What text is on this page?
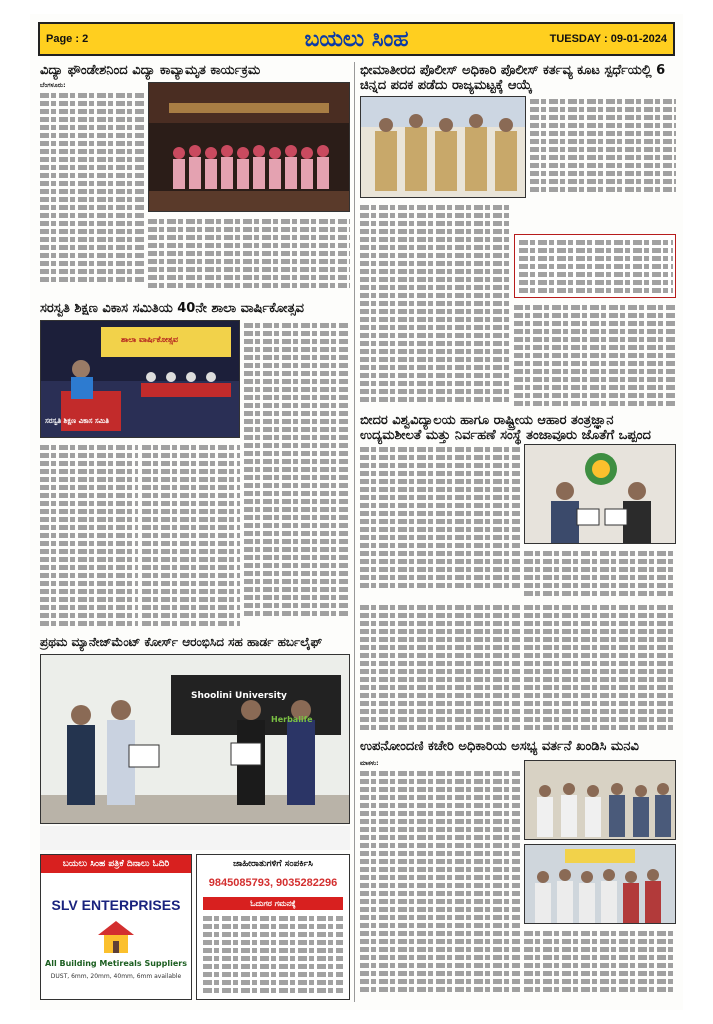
Page : 2	ಬಯಲು ಸಿಂಹ	TUESDAY : 09-01-2024
ವಿದ್ಯಾ ಫೌಂಡೇಶನಿಂದ ವಿದ್ಯಾ ಕಾವ್ಯಾಮೃತ ಕಾರ್ಯಕ್ರಮ
ಬೆಂಗಳೂರು:
ಸರಸ್ವತಿ ಶಿಕ್ಷಣ ವಿಕಾಸ ಸಮಿತಿಯ 40ನೇ ಶಾಲಾ ವಾರ್ಷಿಕೋತ್ಸವ
ಶಾಲಾ ವಾರ್ಷಿಕೋತ್ಸವ
ಸರಸ್ವತಿ ಶಿಕ್ಷಣ ವಿಕಾಸ ಸಮಿತಿ
ಪ್ರಥಮ ಮ್ಯಾನೇಜ್‌ಮೆಂಟ್ ಕೋರ್ಸ್ ಆರಂಭಿಸಿದ ಸಹ ಹಾರ್ಡ ಹರ್ಬಲೈಫ್
Shoolini University
Herbalife
ಬಯಲು ಸಿಂಹ ಪತ್ರಿಕೆ ದಿನಾಲು ಓದಿರಿ
SLV ENTERPRISES
All Building Metireals Suppliers
DUST, 6mm, 20mm, 40mm, 6mm available
ಜಾಹೀರಾತುಗಳಿಗೆ ಸಂಪರ್ಕಿಸಿ
9845085793, 9035282296
ಓದುಗರ ಗಮನಕ್ಕೆ
ಭೀಮಾತೀರದ ಪೊಲೀಸ್ ಅಧಿಕಾರಿ ಪೊಲೀಸ್ ಕರ್ತವ್ಯ ಕೂಟ ಸ್ಪರ್ಧೆಯಲ್ಲಿ 6 ಚಿನ್ನದ ಪದಕ ಪಡೆದು ರಾಜ್ಯಮಟ್ಟಕ್ಕೆ ಆಯ್ಕೆ
ಬೀದರ ವಿಶ್ವವಿದ್ಯಾಲಯ ಹಾಗೂ ರಾಷ್ಟ್ರೀಯ ಆಹಾರ ತಂತ್ರಜ್ಞಾನ ಉದ್ಯಮಶೀಲತೆ ಮತ್ತು ನಿರ್ವಹಣೆ ಸಂಸ್ಥೆ ತಂಜಾವೂರು ಜೊತೆಗೆ ಒಪ್ಪಂದ
ಉಪನೋಂದಣಿ ಕಚೇರಿ ಅಧಿಕಾರಿಯ ಅಸಭ್ಯ ವರ್ತನೆ ಖಂಡಿಸಿ ಮನವಿ
ಮಾಕಳು:
